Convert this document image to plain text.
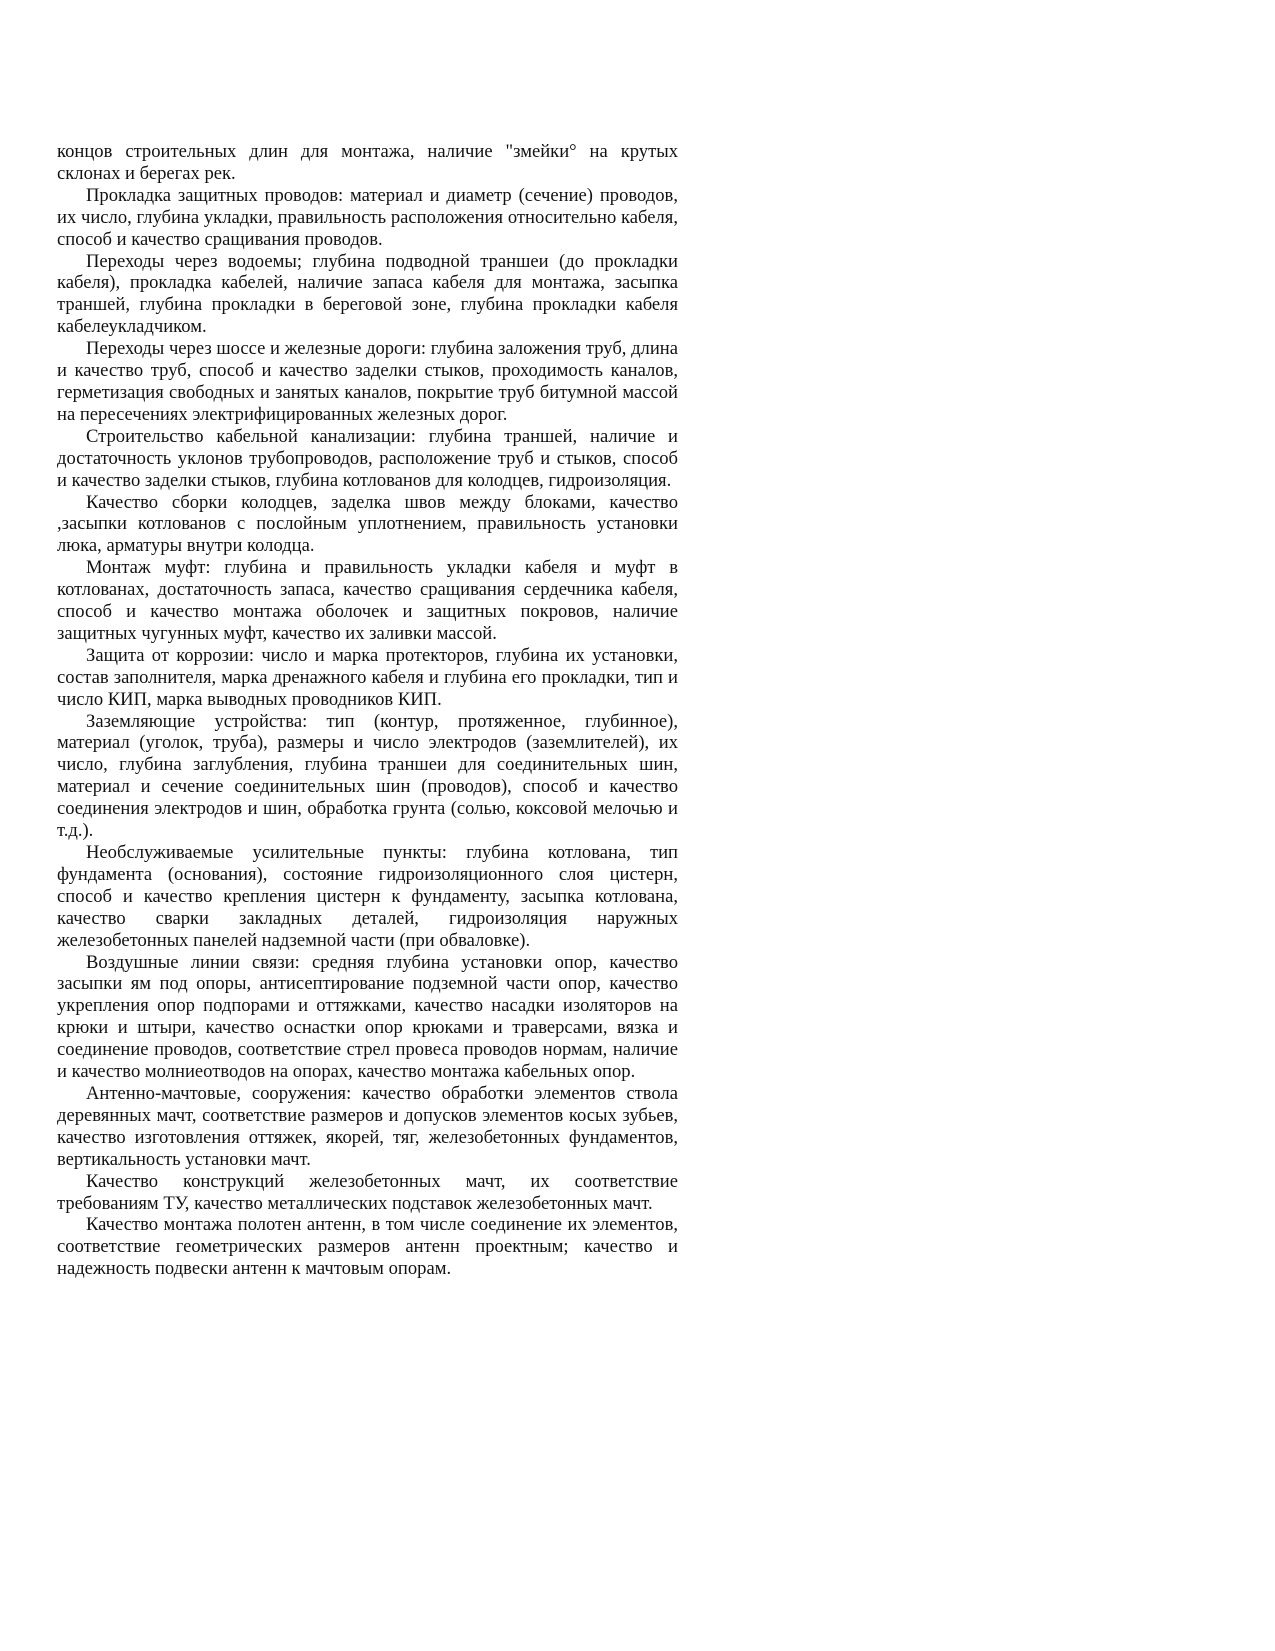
концов строительных длин для монтажа, наличие "змейки° на крутых склонах и берегах рек.

Прокладка защитных проводов: материал и диаметр (сечение) проводов, их число, глубина укладки, правильность расположения относительно кабеля, способ и качество сращивания проводов.

Переходы через водоемы; глубина подводной траншеи (до прокладки кабеля), прокладка кабелей, наличие запаса кабеля для монтажа, засыпка траншей, глубина прокладки в береговой зоне, глубина прокладки кабеля кабелеукладчиком.

Переходы через шоссе и железные дороги: глубина заложения труб, длина и качество труб, способ и качество заделки стыков, проходимость каналов, герметизация свободных и занятых каналов, покрытие труб битумной массой на пересечениях электрифицированных железных дорог.

Строительство кабельной канализации: глубина траншей, наличие и достаточность уклонов трубопроводов, расположение труб и стыков, способ и качество заделки стыков, глубина котлованов для колодцев, гидроизоляция.

Качество сборки колодцев, заделка швов между блоками, качество ,засыпки котлованов с послойным уплотнением, правильность установки люка, арматуры внутри колодца.

Монтаж муфт: глубина и правильность укладки кабеля и муфт в котлованах, достаточность запаса, качество сращивания сердечника кабеля, способ и качество монтажа оболочек и защитных покровов, наличие защитных чугунных муфт, качество их заливки массой.

Защита от коррозии: число и марка протекторов, глубина их установки, состав заполнителя, марка дренажного кабеля и глубина его прокладки, тип и число КИП, марка выводных проводников КИП.

Заземляющие устройства: тип (контур, протяженное, глубинное), материал (уголок, труба), размеры и число электродов (заземлителей), их число, глубина заглубления, глубина траншеи для соединительных шин, материал и сечение соединительных шин (проводов), способ и качество соединения электродов и шин, обработка грунта (солью, коксовой мелочью и т.д.).

Необслуживаемые усилительные пункты: глубина котлована, тип фундамента (основания), состояние гидроизоляционного слоя цистерн, способ и качество крепления цистерн к фундаменту, засыпка котлована, качество сварки закладных деталей, гидроизоляция наружных железобетонных панелей надземной части (при обваловке).

Воздушные линии связи: средняя глубина установки опор, качество засыпки ям под опоры, антисептирование подземной части опор, качество укрепления опор подпорами и оттяжками, качество насадки изоляторов на крюки и штыри, качество оснастки опор крюками и траверсами, вязка и соединение проводов, соответствие стрел провеса проводов нормам, наличие и качество молниеотводов на опорах, качество монтажа кабельных опор.

Антенно-мачтовые, сооружения: качество обработки элементов ствола деревянных мачт, соответствие размеров и допусков элементов косых зубьев, качество изготовления оттяжек, якорей, тяг, железобетонных фундаментов, вертикальность установки мачт.

Качество конструкций железобетонных мачт, их соответствие требованиям ТУ, качество металлических подставок железобетонных мачт.

Качество монтажа полотен антенн, в том числе соединение их элементов, соответствие геометрических размеров антенн проектным; качество и надежность подвески антенн к мачтовым опорам.
